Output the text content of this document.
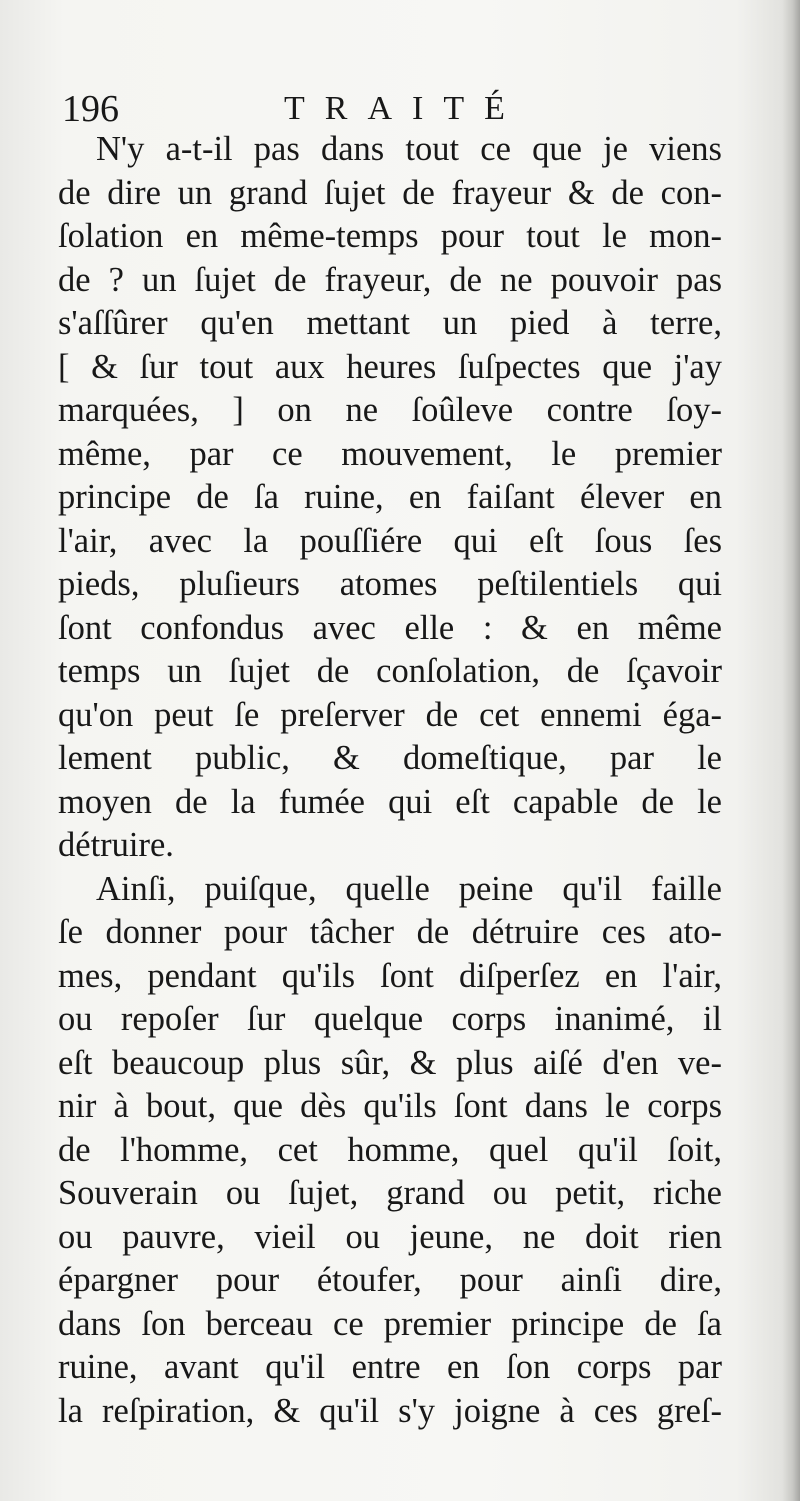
196	TRAITÉ
N'y a-t-il pas dans tout ce que je viens
de dire un grand ſujet de frayeur & de con-
ſolation en même-temps pour tout le mon-
de ? un ſujet de frayeur, de ne pouvoir pas
s'aſſûrer qu'en mettant un pied à terre,
[ & ſur tout aux heures ſuſpectes que j'ay
marquées, ] on ne ſoûleve contre ſoy-
même, par ce mouvement, le premier
principe de ſa ruine, en faiſant élever en
l'air, avec la pouſſiére qui eſt ſous ſes
pieds, pluſieurs atomes peſtilentiels qui
ſont confondus avec elle : & en même
temps un ſujet de conſolation, de ſçavoir
qu'on peut ſe preſerver de cet ennemi éga-
lement public, & domeſtique, par le
moyen de la fumée qui eſt capable de le
détruire.
Ainſi, puiſque, quelle peine qu'il faille
ſe donner pour tâcher de détruire ces ato-
mes, pendant qu'ils ſont diſperſez en l'air,
ou repoſer ſur quelque corps inanimé, il
eſt beaucoup plus sûr, & plus aiſé d'en ve-
nir à bout, que dès qu'ils ſont dans le corps
de l'homme, cet homme, quel qu'il ſoit,
Souverain ou ſujet, grand ou petit, riche
ou pauvre, vieil ou jeune, ne doit rien
épargner pour étoufer, pour ainſi dire,
dans ſon berceau ce premier principe de ſa
ruine, avant qu'il entre en ſon corps par
la reſpiration, & qu'il s'y joigne à ces greſ-
